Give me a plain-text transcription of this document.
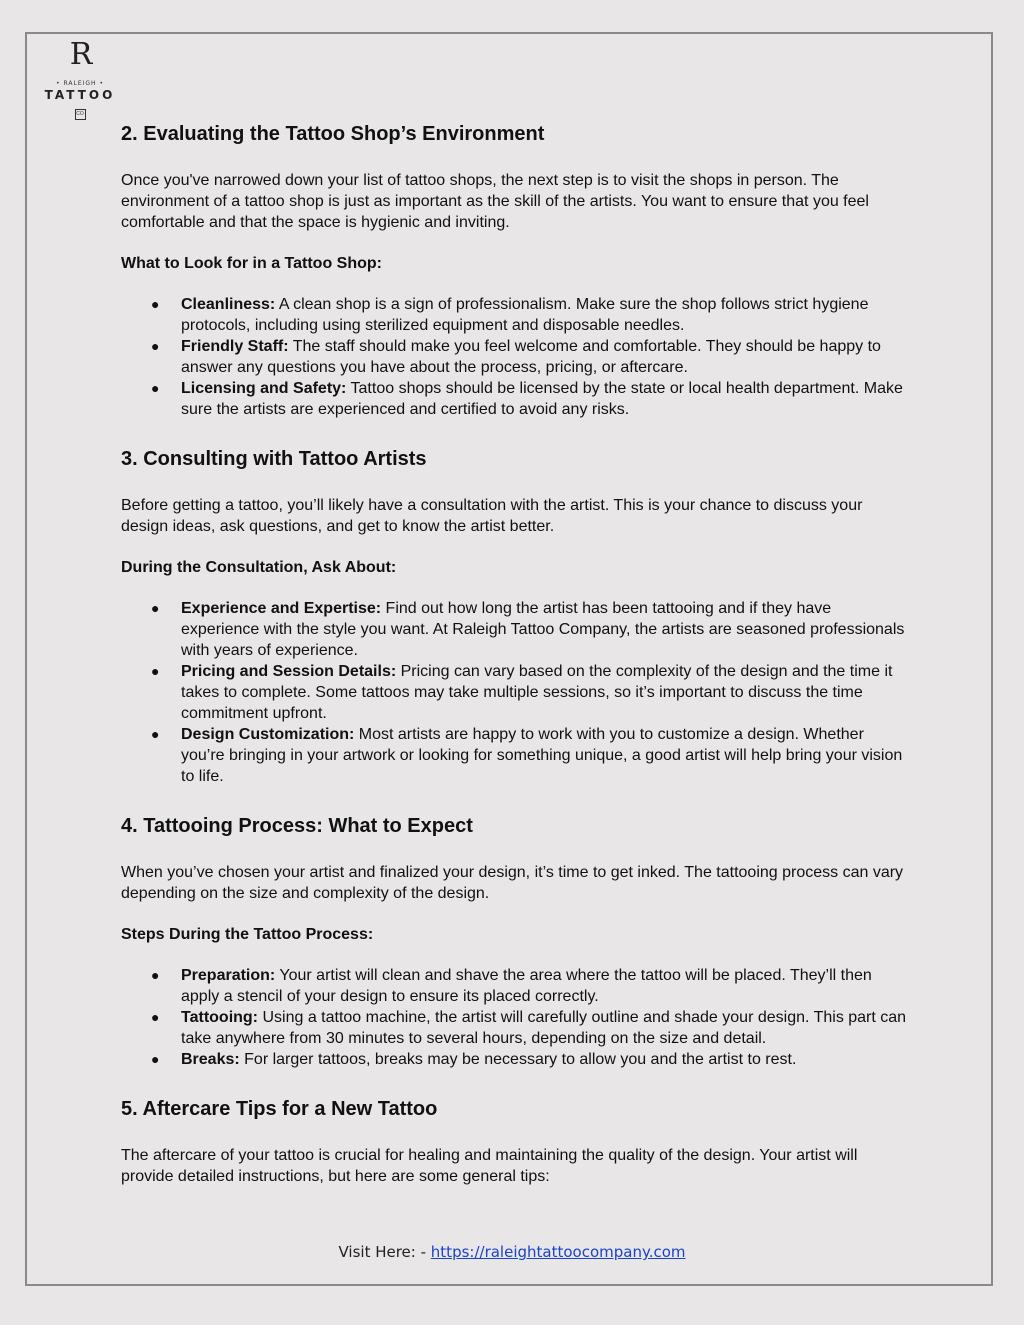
R
• RALEIGH •
TATTOO
CO
2. Evaluating the Tattoo Shop’s Environment

Once you've narrowed down your list of tattoo shops, the next step is to visit the shops in person. The environment of a tattoo shop is just as important as the skill of the artists. You want to ensure that you feel comfortable and that the space is hygienic and inviting.

What to Look for in a Tattoo Shop:

● Cleanliness: A clean shop is a sign of professionalism. Make sure the shop follows strict hygiene protocols, including using sterilized equipment and disposable needles.
● Friendly Staff: The staff should make you feel welcome and comfortable. They should be happy to answer any questions you have about the process, pricing, or aftercare.
● Licensing and Safety: Tattoo shops should be licensed by the state or local health department. Make sure the artists are experienced and certified to avoid any risks.
3. Consulting with Tattoo Artists

Before getting a tattoo, you’ll likely have a consultation with the artist. This is your chance to discuss your design ideas, ask questions, and get to know the artist better.

During the Consultation, Ask About:

● Experience and Expertise: Find out how long the artist has been tattooing and if they have experience with the style you want. At Raleigh Tattoo Company, the artists are seasoned professionals with years of experience.
● Pricing and Session Details: Pricing can vary based on the complexity of the design and the time it takes to complete. Some tattoos may take multiple sessions, so it’s important to discuss the time commitment upfront.
● Design Customization: Most artists are happy to work with you to customize a design. Whether you’re bringing in your artwork or looking for something unique, a good artist will help bring your vision to life.
4. Tattooing Process: What to Expect

When you’ve chosen your artist and finalized your design, it’s time to get inked. The tattooing process can vary depending on the size and complexity of the design.

Steps During the Tattoo Process:

● Preparation: Your artist will clean and shave the area where the tattoo will be placed. They’ll then apply a stencil of your design to ensure its placed correctly.
● Tattooing: Using a tattoo machine, the artist will carefully outline and shade your design. This part can take anywhere from 30 minutes to several hours, depending on the size and detail.
● Breaks: For larger tattoos, breaks may be necessary to allow you and the artist to rest.
5. Aftercare Tips for a New Tattoo

The aftercare of your tattoo is crucial for healing and maintaining the quality of the design. Your artist will provide detailed instructions, but here are some general tips:

Visit Here: - https://raleightattoocompany.com
